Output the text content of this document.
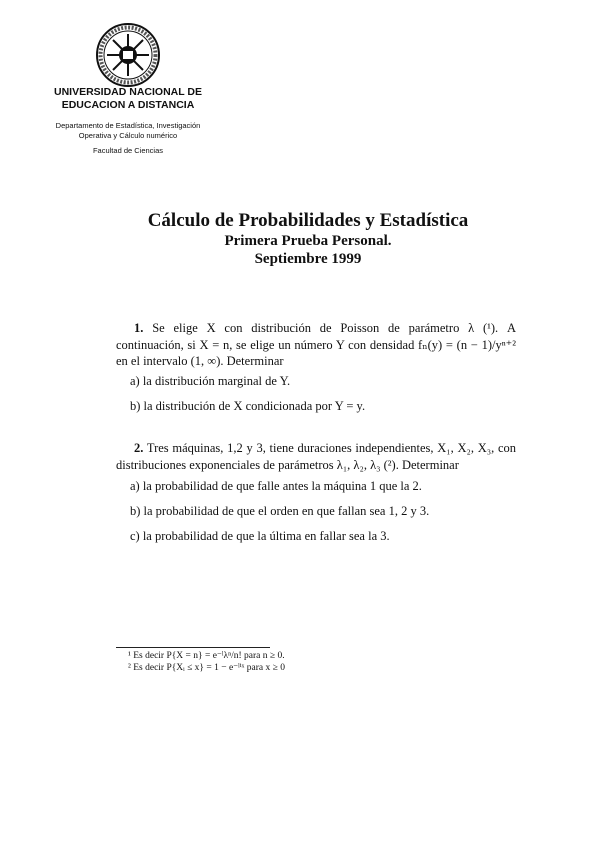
UNIVERSIDAD NACIONAL DE
EDUCACION A DISTANCIA
Departamento de Estadística, Investigación
Operativa y Cálculo numérico
Facultad de Ciencias
Cálculo de Probabilidades y Estadística
Primera Prueba Personal.
Septiembre 1999
1. Se elige X con distribución de Poisson de parámetro λ (¹). A continuación, si X = n, se elige un número Y con densidad fₙ(y) = (n − 1)/yⁿ⁺² en el intervalo (1, ∞). Determinar
a) la distribución marginal de Y.
b) la distribución de X condicionada por Y = y.
2. Tres máquinas, 1,2 y 3, tiene duraciones independientes, X₁, X₂, X₃, con distribuciones exponenciales de parámetros λ₁, λ₂, λ₃ (²). Determinar
a) la probabilidad de que falle antes la máquina 1 que la 2.
b) la probabilidad de que el orden en que fallan sea 1, 2 y 3.
c) la probabilidad de que la última en fallar sea la 3.
¹ Es decir P{X = n} = e⁻ˡλⁿ/n! para n ≥ 0.
² Es decir P{Xᵢ ≤ x} = 1 − e⁻ˡⁱˣ para x ≥ 0
